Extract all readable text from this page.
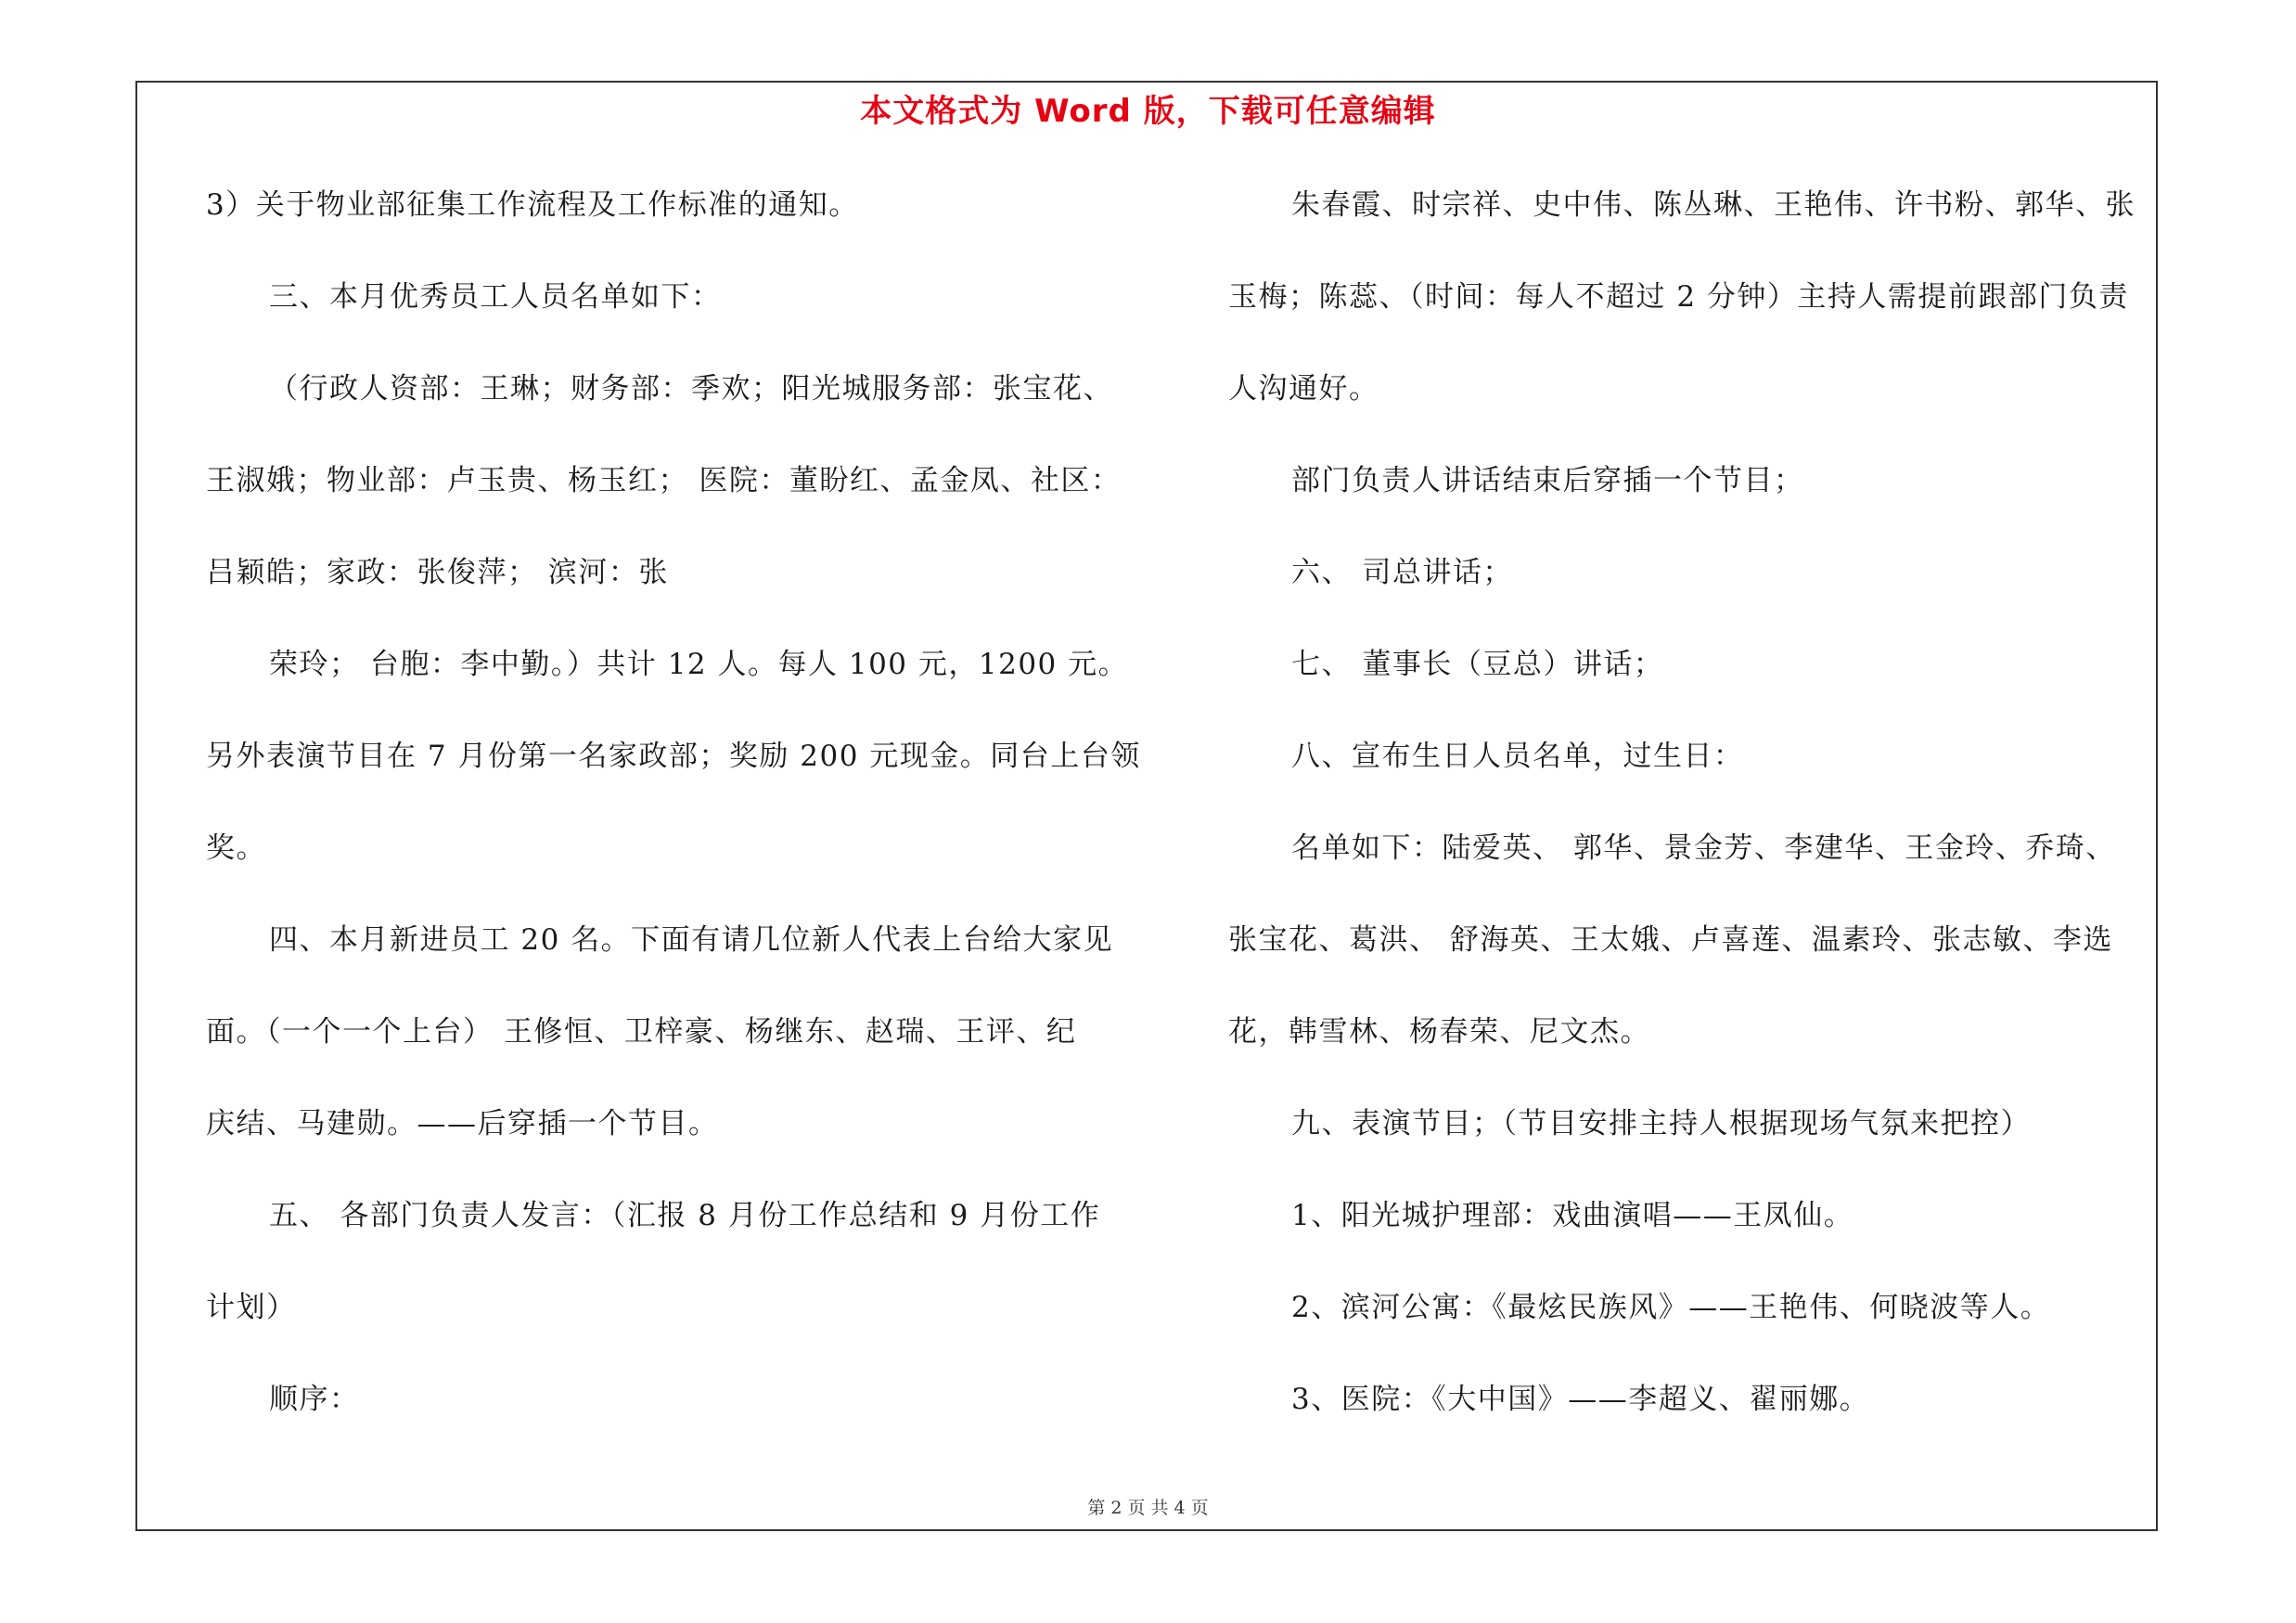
本文格式为 Word 版，下载可任意编辑
3）关于物业部征集工作流程及工作标准的通知。
三、本月优秀员工人员名单如下：
（行政人资部：王琳；财务部：季欢；阳光城服务部：张宝花、
王淑娥；物业部：卢玉贵、杨玉红； 医院：董盼红、孟金凤、社区：
吕颖皓；家政：张俊萍； 滨河：张
荣玲； 台胞：李中勤。）共计 12 人。每人 100 元，1200 元。
另外表演节目在 7 月份第一名家政部；奖励 200 元现金。同台上台领
奖。
四、本月新进员工 20 名。下面有请几位新人代表上台给大家见
面。（一个一个上台） 王修恒、卫梓豪、杨继东、赵瑞、王评、纪
庆结、马建勋。——后穿插一个节目。
五、 各部门负责人发言：（汇报 8 月份工作总结和 9 月份工作
计划）
顺序：
朱春霞、时宗祥、史中伟、陈丛琳、王艳伟、许书粉、郭华、张
玉梅；陈蕊、（时间：每人不超过 2 分钟）主持人需提前跟部门负责
人沟通好。
部门负责人讲话结束后穿插一个节目；
六、 司总讲话；
七、 董事长（豆总）讲话；
八、宣布生日人员名单，过生日：
名单如下：陆爱英、 郭华、景金芳、李建华、王金玲、乔琦、
张宝花、葛洪、 舒海英、王太娥、卢喜莲、温素玲、张志敏、李选
花，韩雪林、杨春荣、尼文杰。
九、表演节目；（节目安排主持人根据现场气氛来把控）
1、阳光城护理部：戏曲演唱——王凤仙。
2、滨河公寓：《最炫民族风》——王艳伟、何晓波等人。
3、医院：《大中国》——李超义、翟丽娜。
第 2 页 共 4 页
